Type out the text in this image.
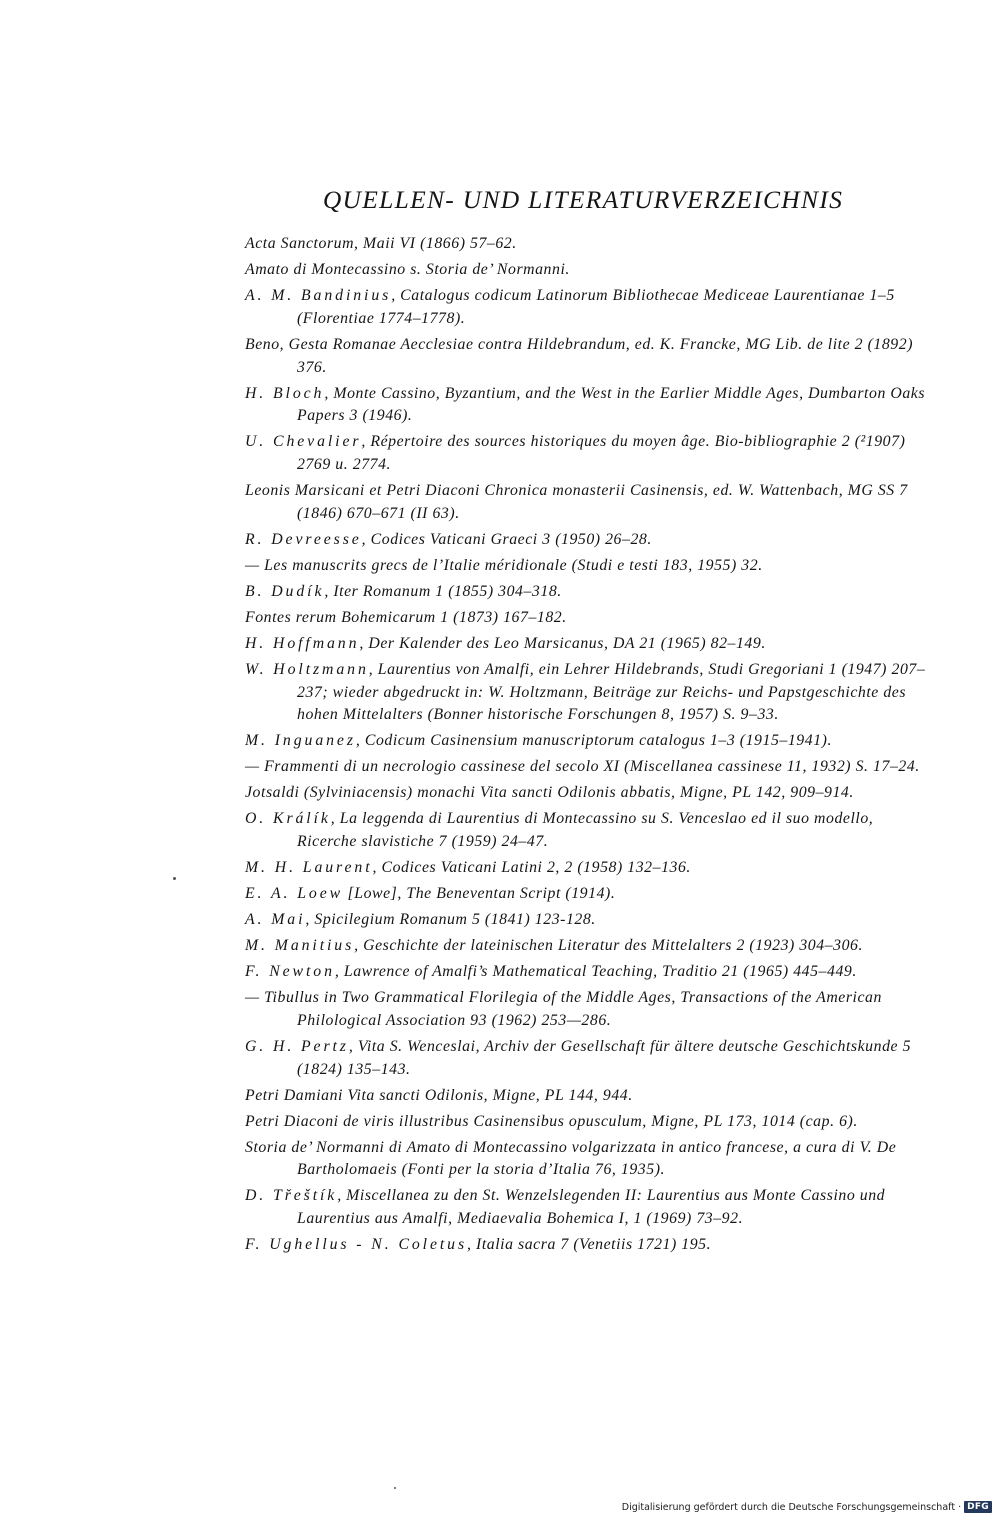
QUELLEN- UND LITERATURVERZEICHNIS
Acta Sanctorum, Maii VI (1866) 57–62.
Amato di Montecassino s. Storia de’ Normanni.
A. M. Bandinius, Catalogus codicum Latinorum Bibliothecae Mediceae Laurentianae 1–5 (Florentiae 1774–1778).
Beno, Gesta Romanae Aecclesiae contra Hildebrandum, ed. K. Francke, MG Lib. de lite 2 (1892) 376.
H. Bloch, Monte Cassino, Byzantium, and the West in the Earlier Middle Ages, Dumbarton Oaks Papers 3 (1946).
U. Chevalier, Répertoire des sources historiques du moyen âge. Bio-bibliographie 2 (²1907) 2769 u. 2774.
Leonis Marsicani et Petri Diaconi Chronica monasterii Casinensis, ed. W. Wattenbach, MG SS 7 (1846) 670–671 (II 63).
R. Devreesse, Codices Vaticani Graeci 3 (1950) 26–28.
— Les manuscrits grecs de l’Italie méridionale (Studi e testi 183, 1955) 32.
B. Dudík, Iter Romanum 1 (1855) 304–318.
Fontes rerum Bohemicarum 1 (1873) 167–182.
H. Hoffmann, Der Kalender des Leo Marsicanus, DA 21 (1965) 82–149.
W. Holtzmann, Laurentius von Amalfi, ein Lehrer Hildebrands, Studi Gregoriani 1 (1947) 207–237; wieder abgedruckt in: W. Holtzmann, Beiträge zur Reichs- und Papstgeschichte des hohen Mittelalters (Bonner historische Forschungen 8, 1957) S. 9–33.
M. Inguanez, Codicum Casinensium manuscriptorum catalogus 1–3 (1915–1941).
— Frammenti di un necrologio cassinese del secolo XI (Miscellanea cassinese 11, 1932) S. 17–24.
Jotsaldi (Sylviniacensis) monachi Vita sancti Odilonis abbatis, Migne, PL 142, 909–914.
O. Králík, La leggenda di Laurentius di Montecassino su S. Venceslao ed il suo modello, Ricerche slavistiche 7 (1959) 24–47.
M. H. Laurent, Codices Vaticani Latini 2, 2 (1958) 132–136.
E. A. Loew [Lowe], The Beneventan Script (1914).
A. Mai, Spicilegium Romanum 5 (1841) 123-128.
M. Manitius, Geschichte der lateinischen Literatur des Mittelalters 2 (1923) 304–306.
F. Newton, Lawrence of Amalfi’s Mathematical Teaching, Traditio 21 (1965) 445–449.
— Tibullus in Two Grammatical Florilegia of the Middle Ages, Transactions of the American Philological Association 93 (1962) 253—286.
G. H. Pertz, Vita S. Wenceslai, Archiv der Gesellschaft für ältere deutsche Geschichtskunde 5 (1824) 135–143.
Petri Damiani Vita sancti Odilonis, Migne, PL 144, 944.
Petri Diaconi de viris illustribus Casinensibus opusculum, Migne, PL 173, 1014 (cap. 6).
Storia de’ Normanni di Amato di Montecassino volgarizzata in antico francese, a cura di V. De Bartholomaeis (Fonti per la storia d’Italia 76, 1935).
D. Třeštík, Miscellanea zu den St. Wenzelslegenden II: Laurentius aus Monte Cassino und Laurentius aus Amalfi, Mediaevalia Bohemica I, 1 (1969) 73–92.
F. Ughellus - N. Coletus, Italia sacra 7 (Venetiis 1721) 195.
Digitalisierung gefördert durch die Deutsche Forschungsgemeinschaft · DFG
